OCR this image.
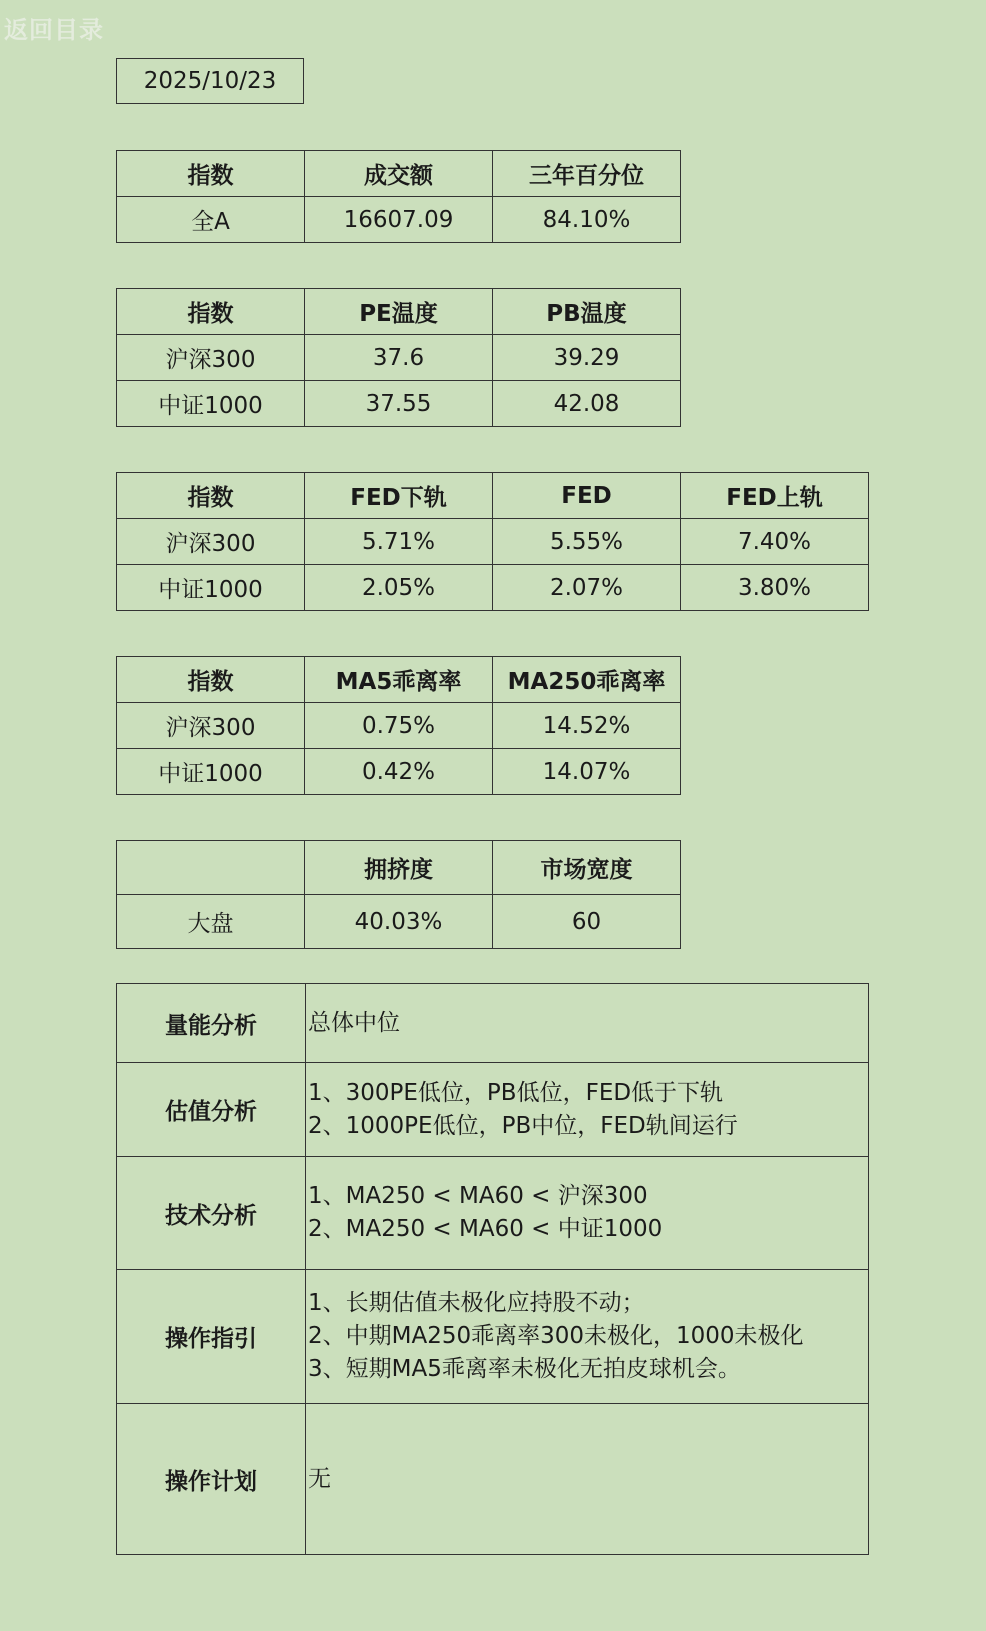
返回目录
2025/10/23
指数	成交额	三年百分位
全A	16607.09	84.10%
指数	PE温度	PB温度
沪深300	37.6	39.29
中证1000	37.55	42.08
指数	FED下轨	FED	FED上轨
沪深300	5.71%	5.55%	7.40%
中证1000	2.05%	2.07%	3.80%
指数	MA5乖离率	MA250乖离率
沪深300	0.75%	14.52%
中证1000	0.42%	14.07%
	拥挤度	市场宽度
大盘	40.03%	60
量能分析	总体中位

估值分析	1、300PE低位，PB低位，FED低于下轨
2、1000PE低位，PB中位，FED轨间运行

技术分析	1、MA250 < MA60 < 沪深300
2、MA250 < MA60 < 中证1000

操作指引	1、长期估值未极化应持股不动；
2、中期MA250乖离率300未极化，1000未极化
3、短期MA5乖离率未极化无拍皮球机会。

操作计划	无
